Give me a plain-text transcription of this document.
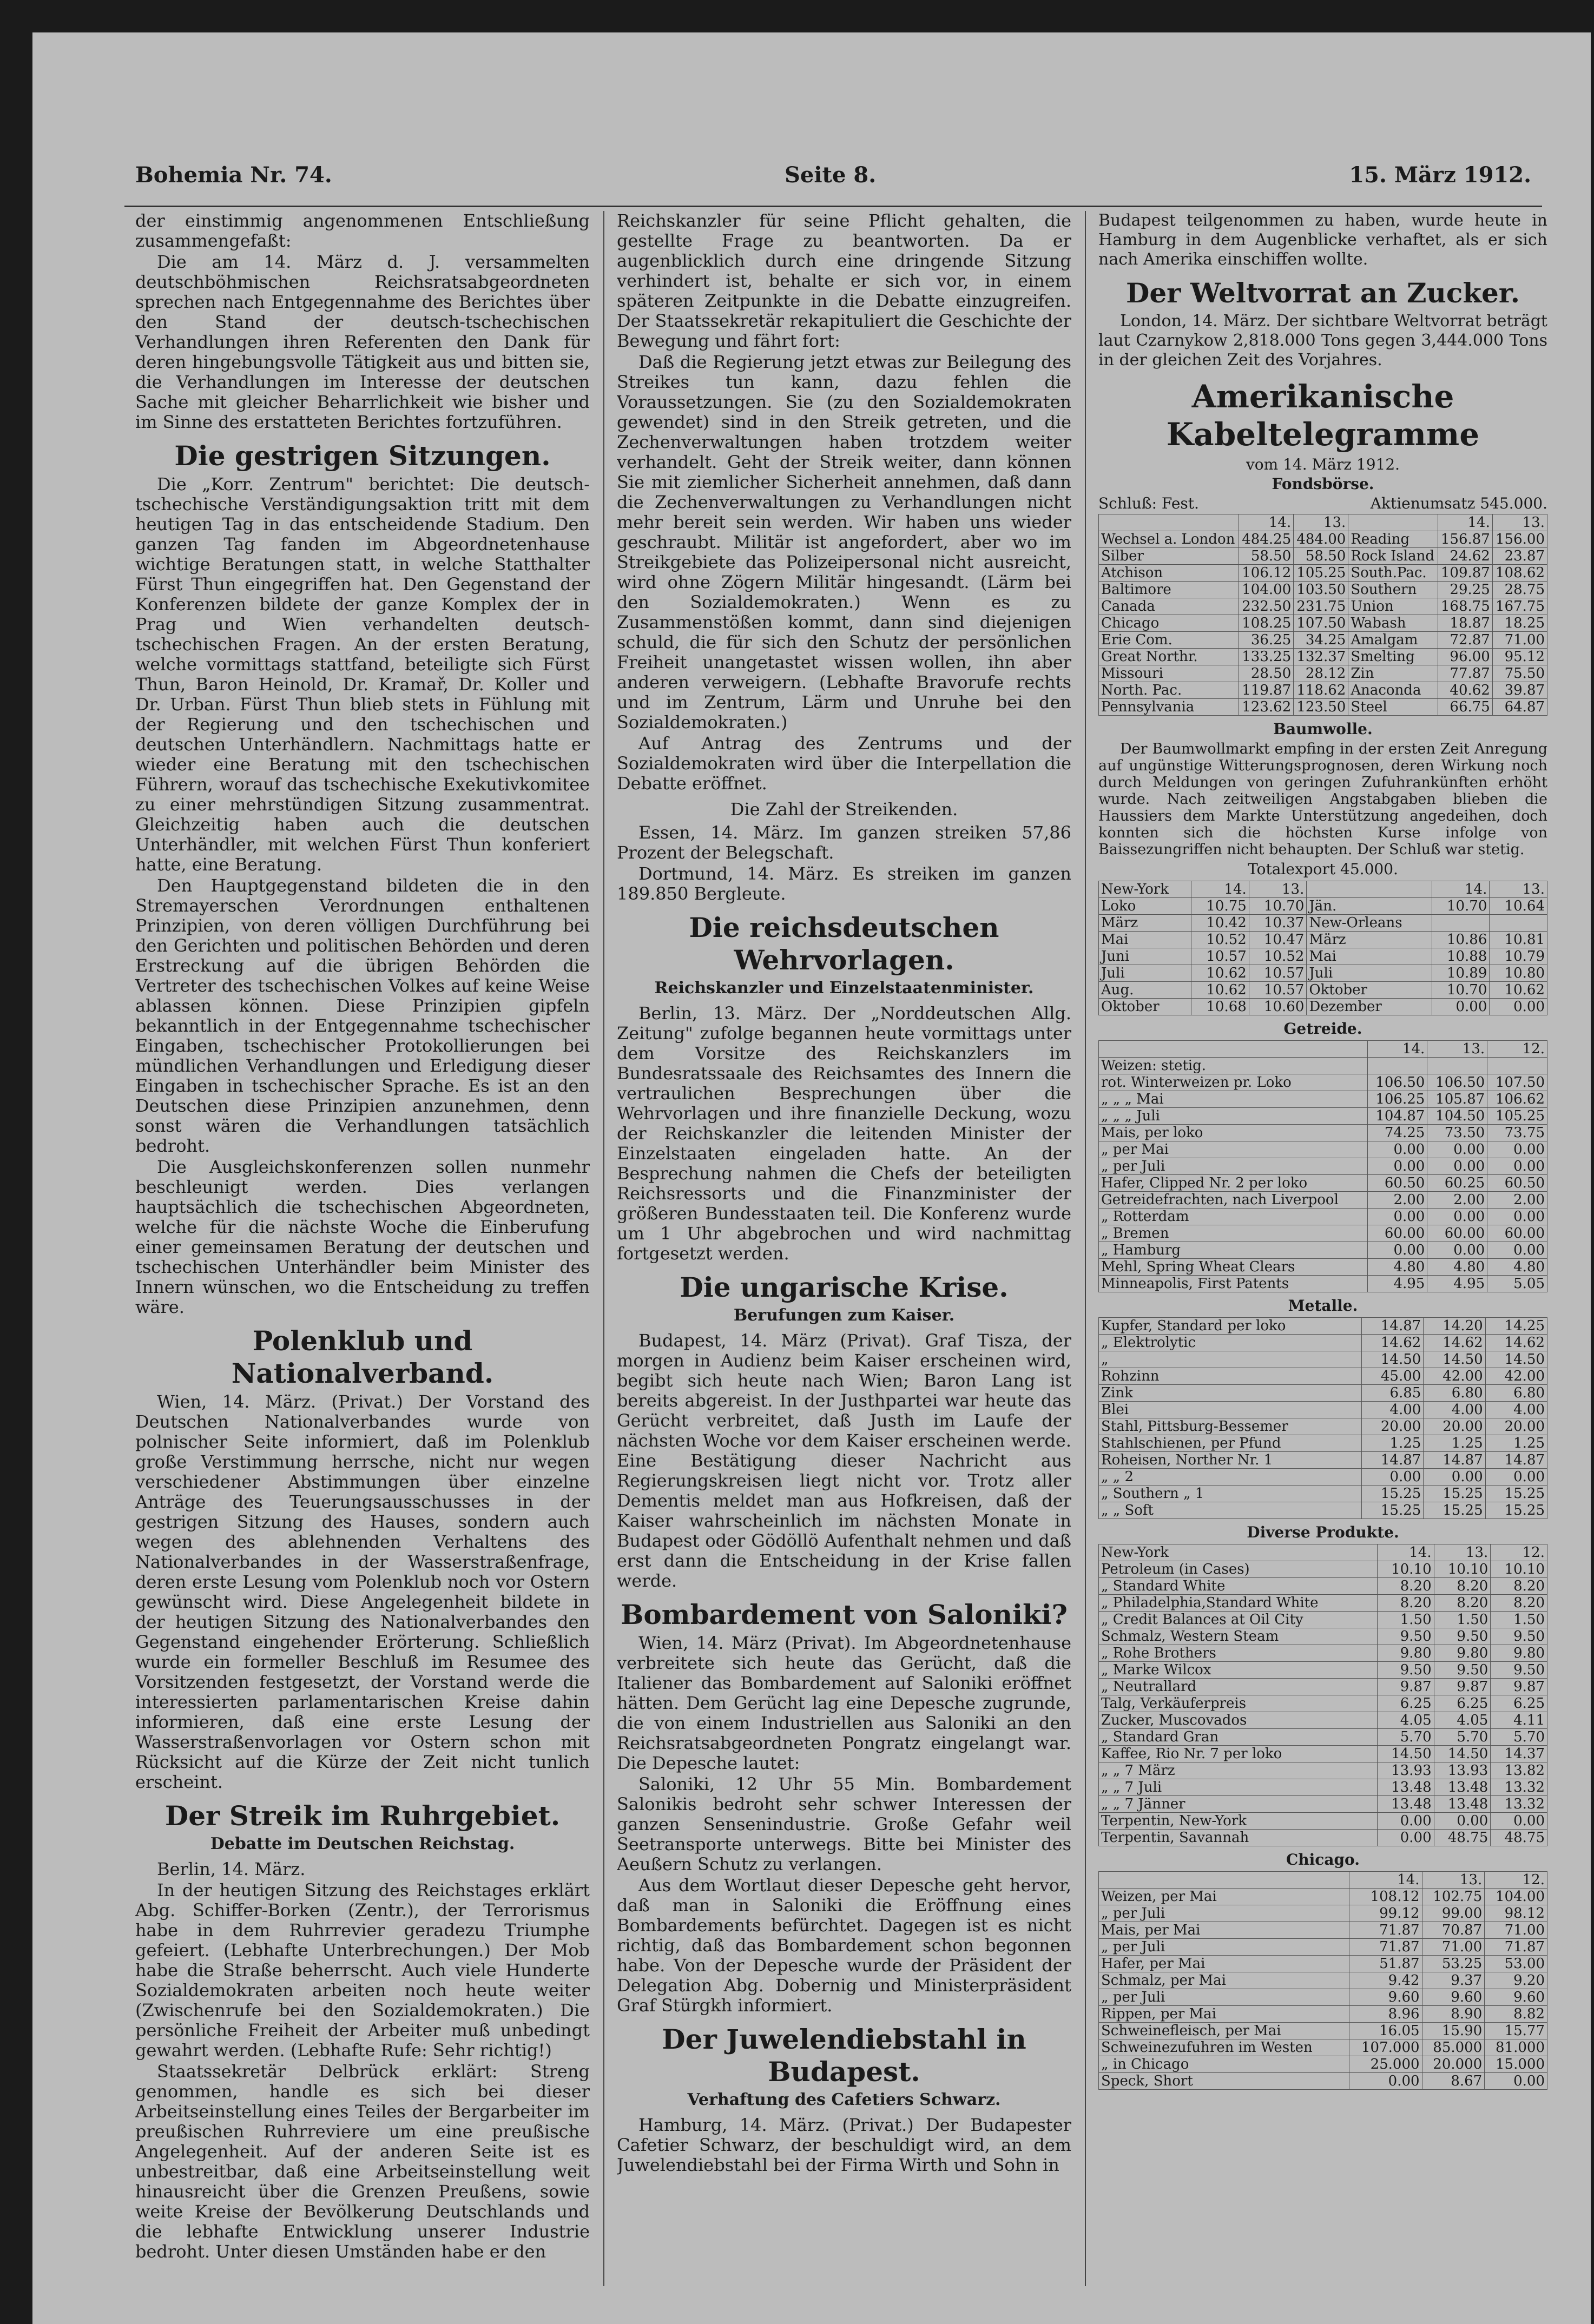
Bohemia Nr. 74.	Seite 8.	15. März 1912.

der einstimmig angenommenen Entschließung zusammengefaßt:

Die am 14. März d. J. versammelten deutschböhmischen Reichsratsabgeordneten sprechen nach Entgegennahme des Berichtes über den Stand der deutsch-tschechischen Verhandlungen ihren Referenten den Dank für deren hingebungsvolle Tätigkeit aus und bitten sie, die Verhandlungen im Interesse der deutschen Sache mit gleicher Beharrlichkeit wie bisher und im Sinne des erstatteten Berichtes fortzuführen.

Die gestrigen Sitzungen.

Die „Korr. Zentrum" berichtet: Die deutsch-tschechische Verständigungsaktion tritt mit dem heutigen Tag in das entscheidende Stadium. Den ganzen Tag fanden im Abgeordnetenhause wichtige Beratungen statt, in welche Statthalter Fürst Thun eingegriffen hat. Den Gegenstand der Konferenzen bildete der ganze Komplex der in Prag und Wien verhandelten deutsch-tschechischen Fragen. An der ersten Beratung, welche vormittags stattfand, beteiligte sich Fürst Thun, Baron Heinold, Dr. Kramař, Dr. Koller und Dr. Urban. Fürst Thun blieb stets in Fühlung mit der Regierung und den tschechischen und deutschen Unterhändlern. Nachmittags hatte er wieder eine Beratung mit den tschechischen Führern, worauf das tschechische Exekutivkomitee zu einer mehrstündigen Sitzung zusammentrat. Gleichzeitig haben auch die deutschen Unterhändler, mit welchen Fürst Thun konferiert hatte, eine Beratung.

Den Hauptgegenstand bildeten die in den Stremayerschen Verordnungen enthaltenen Prinzipien, von deren völligen Durchführung bei den Gerichten und politischen Behörden und deren Erstreckung auf die übrigen Behörden die Vertreter des tschechischen Volkes auf keine Weise ablassen können. Diese Prinzipien gipfeln bekanntlich in der Entgegennahme tschechischer Eingaben, tschechischer Protokollierungen bei mündlichen Verhandlungen und Erledigung dieser Eingaben in tschechischer Sprache. Es ist an den Deutschen diese Prinzipien anzunehmen, denn sonst wären die Verhandlungen tatsächlich bedroht.

Die Ausgleichskonferenzen sollen nunmehr beschleunigt werden. Dies verlangen hauptsächlich die tschechischen Abgeordneten, welche für die nächste Woche die Einberufung einer gemeinsamen Beratung der deutschen und tschechischen Unterhändler beim Minister des Innern wünschen, wo die Entscheidung zu treffen wäre.

Polenklub und Nationalverband.

Wien, 14. März. (Privat.) Der Vorstand des Deutschen Nationalverbandes wurde von polnischer Seite informiert, daß im Polenklub große Verstimmung herrsche, nicht nur wegen verschiedener Abstimmungen über einzelne Anträge des Teuerungsausschusses in der gestrigen Sitzung des Hauses, sondern auch wegen des ablehnenden Verhaltens des Nationalverbandes in der Wasserstraßenfrage, deren erste Lesung vom Polenklub noch vor Ostern gewünscht wird. Diese Angelegenheit bildete in der heutigen Sitzung des Nationalverbandes den Gegenstand eingehender Erörterung. Schließlich wurde ein formeller Beschluß im Resumee des Vorsitzenden festgesetzt, der Vorstand werde die interessierten parlamentarischen Kreise dahin informieren, daß eine erste Lesung der Wasserstraßenvorlagen vor Ostern schon mit Rücksicht auf die Kürze der Zeit nicht tunlich erscheint.

Der Streik im Ruhrgebiet.
Debatte im Deutschen Reichstag.

Berlin, 14. März.

In der heutigen Sitzung des Reichstages erklärt Abg. Schiffer-Borken (Zentr.), der Terrorismus habe in dem Ruhrrevier geradezu Triumphe gefeiert. (Lebhafte Unterbrechungen.) Der Mob habe die Straße beherrscht. Auch viele Hunderte Sozialdemokraten arbeiten noch heute weiter (Zwischenrufe bei den Sozialdemokraten.) Die persönliche Freiheit der Arbeiter muß unbedingt gewahrt werden. (Lebhafte Rufe: Sehr richtig!)

Staatssekretär Delbrück erklärt: Streng genommen, handle es sich bei dieser Arbeitseinstellung eines Teiles der Bergarbeiter im preußischen Ruhrreviere um eine preußische Angelegenheit. Auf der anderen Seite ist es unbestreitbar, daß eine Arbeitseinstellung weit hinausreicht über die Grenzen Preußens, sowie weite Kreise der Bevölkerung Deutschlands und die lebhafte Entwicklung unserer Industrie bedroht. Unter diesen Umständen habe er den

Reichskanzler für seine Pflicht gehalten, die gestellte Frage zu beantworten. Da er augenblicklich durch eine dringende Sitzung verhindert ist, behalte er sich vor, in einem späteren Zeitpunkte in die Debatte einzugreifen. Der Staatssekretär rekapituliert die Geschichte der Bewegung und fährt fort:

Daß die Regierung jetzt etwas zur Beilegung des Streikes tun kann, dazu fehlen die Voraussetzungen. Sie (zu den Sozialdemokraten gewendet) sind in den Streik getreten, und die Zechenverwaltungen haben trotzdem weiter verhandelt. Geht der Streik weiter, dann können Sie mit ziemlicher Sicherheit annehmen, daß dann die Zechenverwaltungen zu Verhandlungen nicht mehr bereit sein werden. Wir haben uns wieder geschraubt. Militär ist angefordert, aber wo im Streikgebiete das Polizeipersonal nicht ausreicht, wird ohne Zögern Militär hingesandt. (Lärm bei den Sozialdemokraten.) Wenn es zu Zusammenstößen kommt, dann sind diejenigen schuld, die für sich den Schutz der persönlichen Freiheit unangetastet wissen wollen, ihn aber anderen verweigern. (Lebhafte Bravorufe rechts und im Zentrum, Lärm und Unruhe bei den Sozialdemokraten.)

Auf Antrag des Zentrums und der Sozialdemokraten wird über die Interpellation die Debatte eröffnet.

Die Zahl der Streikenden.

Essen, 14. März. Im ganzen streiken 57,86 Prozent der Belegschaft.

Dortmund, 14. März. Es streiken im ganzen 189.850 Bergleute.

Die reichsdeutschen Wehrvorlagen.
Reichskanzler und Einzelstaatenminister.

Berlin, 13. März. Der „Norddeutschen Allg. Zeitung" zufolge begannen heute vormittags unter dem Vorsitze des Reichskanzlers im Bundesratssaale des Reichsamtes des Innern die vertraulichen Besprechungen über die Wehrvorlagen und ihre finanzielle Deckung, wozu der Reichskanzler die leitenden Minister der Einzelstaaten eingeladen hatte. An der Besprechung nahmen die Chefs der beteiligten Reichsressorts und die Finanzminister der größeren Bundesstaaten teil. Die Konferenz wurde um 1 Uhr abgebrochen und wird nachmittag fortgesetzt werden.

Die ungarische Krise.
Berufungen zum Kaiser.

Budapest, 14. März (Privat). Graf Tisza, der morgen in Audienz beim Kaiser erscheinen wird, begibt sich heute nach Wien; Baron Lang ist bereits abgereist. In der Justhpartei war heute das Gerücht verbreitet, daß Justh im Laufe der nächsten Woche vor dem Kaiser erscheinen werde. Eine Bestätigung dieser Nachricht aus Regierungskreisen liegt nicht vor. Trotz aller Dementis meldet man aus Hofkreisen, daß der Kaiser wahrscheinlich im nächsten Monate in Budapest oder Gödöllö Aufenthalt nehmen und daß erst dann die Entscheidung in der Krise fallen werde.

Bombardement von Saloniki?

Wien, 14. März (Privat). Im Abgeordnetenhause verbreitete sich heute das Gerücht, daß die Italiener das Bombardement auf Saloniki eröffnet hätten. Dem Gerücht lag eine Depesche zugrunde, die von einem Industriellen aus Saloniki an den Reichsratsabgeordneten Pongratz eingelangt war. Die Depesche lautet:

Saloniki, 12 Uhr 55 Min. Bombardement Salonikis bedroht sehr schwer Interessen der ganzen Sensenindustrie. Große Gefahr weil Seetransporte unterwegs. Bitte bei Minister des Aeußern Schutz zu verlangen.

Aus dem Wortlaut dieser Depesche geht hervor, daß man in Saloniki die Eröffnung eines Bombardements befürchtet. Dagegen ist es nicht richtig, daß das Bombardement schon begonnen habe. Von der Depesche wurde der Präsident der Delegation Abg. Dobernig und Ministerpräsident Graf Stürgkh informiert.

Der Juwelendiebstahl in Budapest.
Verhaftung des Cafetiers Schwarz.

Hamburg, 14. März. (Privat.) Der Budapester Cafetier Schwarz, der beschuldigt wird, an dem Juwelendiebstahl bei der Firma Wirth und Sohn in

Budapest teilgenommen zu haben, wurde heute in Hamburg in dem Augenblicke verhaftet, als er sich nach Amerika einschiffen wollte.

Der Weltvorrat an Zucker.

London, 14. März. Der sichtbare Weltvorrat beträgt laut Czarnykow 2,818.000 Tons gegen 3,444.000 Tons in der gleichen Zeit des Vorjahres.

Amerikanische Kabeltelegramme
vom 14. März 1912.
Fondsbörse.
Schluß: Fest.	Aktienumsatz 545.000.
	14.	13.		14.	13.
Wechsel a. London	484.25	484.00	Reading	156.87	156.00
Silber	58.50	58.50	Rock Island	24.62	23.87
Atchison	106.12	105.25	South.Pac.	109.87	108.62
Baltimore	104.00	103.50	Southern	29.25	28.75
Canada	232.50	231.75	Union	168.75	167.75
Chicago	108.25	107.50	Wabash	18.87	18.25
Erie Com.	36.25	34.25	Amalgam	72.87	71.00
Great Northr.	133.25	132.37	Smelting	96.00	95.12
Missouri	28.50	28.12	Zin	77.87	75.50
North. Pac.	119.87	118.62	Anaconda	40.62	39.87
Pennsylvania	123.62	123.50	Steel	66.75	64.87
Baumwolle.

Der Baumwollmarkt empfing in der ersten Zeit Anregung auf ungünstige Witterungsprognosen, deren Wirkung noch durch Meldungen von geringen Zufuhrankünften erhöht wurde. Nach zeitweiligen Angstabgaben blieben die Haussiers dem Markte Unterstützung angedeihen, doch konnten sich die höchsten Kurse infolge von Baissezungriffen nicht behaupten. Der Schluß war stetig.

Totalexport 45.000.
New-York	14.	13.		14.	13.
Loko	10.75	10.70	Jän.	10.70	10.64
März	10.42	10.37	New-Orleans		
Mai	10.52	10.47	März	10.86	10.81
Juni	10.57	10.52	Mai	10.88	10.79
Juli	10.62	10.57	Juli	10.89	10.80
Aug.	10.62	10.57	Oktober	10.70	10.62
Oktober	10.68	10.60	Dezember	0.00	0.00
Getreide.
	14.	13.	12.
Weizen: stetig.			
rot. Winterweizen pr. Loko	106.50	106.50	107.50
„ „ „ Mai	106.25	105.87	106.62
„ „ „ Juli	104.87	104.50	105.25
Mais, per loko	74.25	73.50	73.75
„ per Mai	0.00	0.00	0.00
„ per Juli	0.00	0.00	0.00
Hafer, Clipped Nr. 2 per loko	60.50	60.25	60.50
Getreidefrachten, nach Liverpool	2.00	2.00	2.00
„ Rotterdam	0.00	0.00	0.00
„ Bremen	60.00	60.00	60.00
„ Hamburg	0.00	0.00	0.00
Mehl, Spring Wheat Clears	4.80	4.80	4.80
Minneapolis, First Patents	4.95	4.95	5.05
Metalle.
Kupfer, Standard per loko	14.87	14.20	14.25
„ Elektrolytic	14.62	14.62	14.62
„	14.50	14.50	14.50
Rohzinn	45.00	42.00	42.00
Zink	6.85	6.80	6.80
Blei	4.00	4.00	4.00
Stahl, Pittsburg-Bessemer	20.00	20.00	20.00
Stahlschienen, per Pfund	1.25	1.25	1.25
Roheisen, Norther Nr. 1	14.87	14.87	14.87
„ „ 2	0.00	0.00	0.00
„ Southern „ 1	15.25	15.25	15.25
„ „ Soft	15.25	15.25	15.25
Diverse Produkte.
New-York	14.	13.	12.
Petroleum (in Cases)	10.10	10.10	10.10
„ Standard White	8.20	8.20	8.20
„ Philadelphia,Standard White	8.20	8.20	8.20
„ Credit Balances at Oil City	1.50	1.50	1.50
Schmalz, Western Steam	9.50	9.50	9.50
„ Rohe Brothers	9.80	9.80	9.80
„ Marke Wilcox	9.50	9.50	9.50
„ Neutrallard	9.87	9.87	9.87
Talg, Verkäuferpreis	6.25	6.25	6.25
Zucker, Muscovados	4.05	4.05	4.11
„ Standard Gran	5.70	5.70	5.70
Kaffee, Rio Nr. 7 per loko	14.50	14.50	14.37
„ „ 7 März	13.93	13.93	13.82
„ „ 7 Juli	13.48	13.48	13.32
„ „ 7 Jänner	13.48	13.48	13.32
Terpentin, New-York	0.00	0.00	0.00
Terpentin, Savannah	0.00	48.75	48.75
Chicago.
	14.	13.	12.
Weizen, per Mai	108.12	102.75	104.00
„ per Juli	99.12	99.00	98.12
Mais, per Mai	71.87	70.87	71.00
„ per Juli	71.87	71.00	71.87
Hafer, per Mai	51.87	53.25	53.00
Schmalz, per Mai	9.42	9.37	9.20
„ per Juli	9.60	9.60	9.60
Rippen, per Mai	8.96	8.90	8.82
Schweinefleisch, per Mai	16.05	15.90	15.77
Schweinezufuhren im Westen	107.000	85.000	81.000
„ in Chicago	25.000	20.000	15.000
Speck, Short	0.00	8.67	0.00
